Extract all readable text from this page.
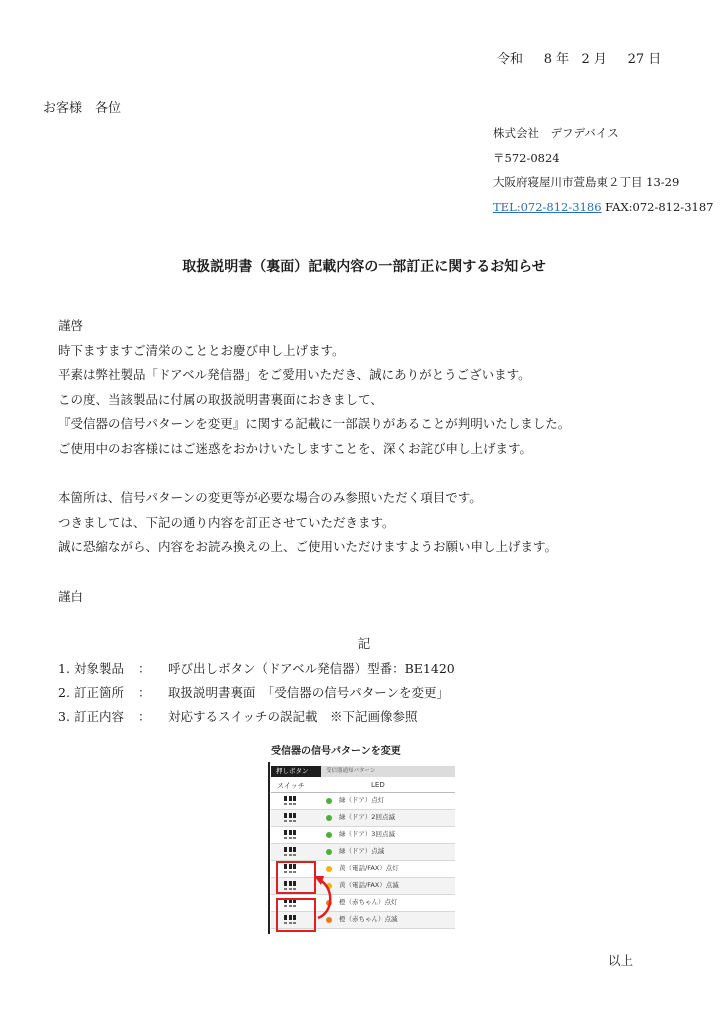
令和 8 年 2 月 27 日
お客様　各位
株式会社　デフデバイス
〒572-0824
大阪府寝屋川市萱島東２丁目 13-29
TEL:072-812-3186 FAX:072-812-3187
取扱説明書（裏面）記載内容の一部訂正に関するお知らせ

謹啓

時下ますますご清栄のこととお慶び申し上げます。

平素は弊社製品「ドアベル発信器」をご愛用いただき、誠にありがとうございます。

この度、当該製品に付属の取扱説明書裏面におきまして、

『受信器の信号パターンを変更』に関する記載に一部誤りがあることが判明いたしました。

ご使用中のお客様にはご迷惑をおかけいたしますことを、深くお詫び申し上げます。

本箇所は、信号パターンの変更等が必要な場合のみ参照いただく項目です。

つきましては、下記の通り内容を訂正させていただきます。

誠に恐縮ながら、内容をお読み換えの上、ご使用いただけますようお願い申し上げます。

謹白

記
1. 対象製品	：	呼び出しボタン（ドアベル発信器）型番：BE1420
2. 訂正箇所	：	取扱説明書裏面　「受信器の信号パターンを変更」
3. 訂正内容	：	対応するスイッチの誤記載　※下記画像参照
受信器の信号パターンを変更
押しボタン	受信器通知パターン
スイッチ	LED
緑（ドア）点灯
緑（ドア）2回点滅
緑（ドア）3回点滅
緑（ドア）点滅
黄（電話/FAX）点灯
黄（電話/FAX）点滅
橙（赤ちゃん）点灯
橙（赤ちゃん）点滅
以上
